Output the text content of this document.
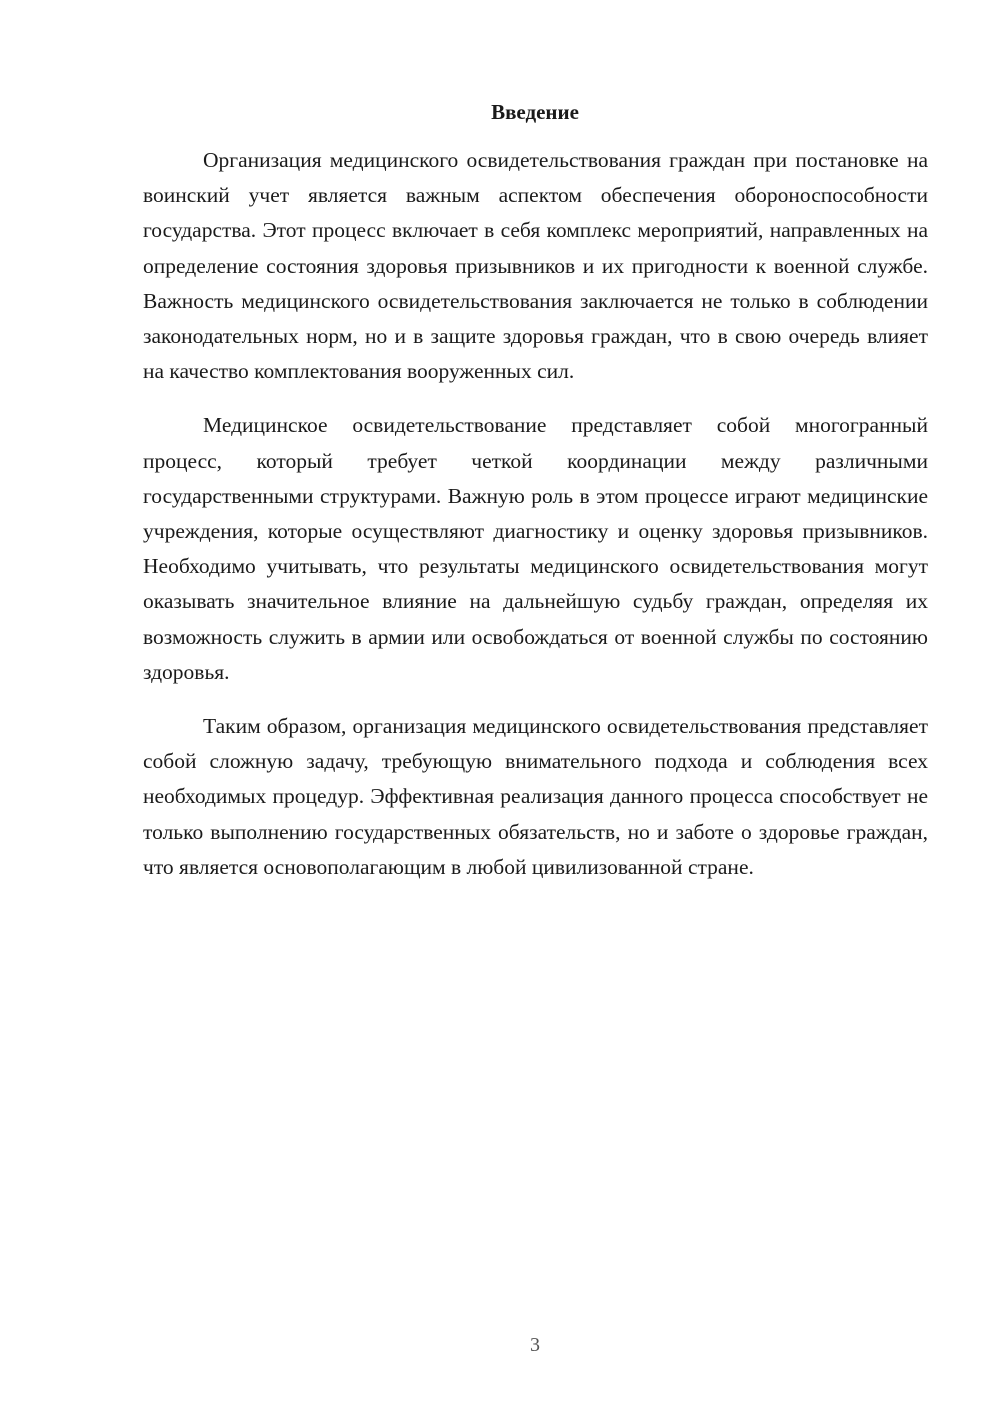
Введение

Организация медицинского освидетельствования граждан при постановке на воинский учет является важным аспектом обеспечения обороноспособности государства. Этот процесс включает в себя комплекс мероприятий, направленных на определение состояния здоровья призывников и их пригодности к военной службе. Важность медицинского освидетельствования заключается не только в соблюдении законодательных норм, но и в защите здоровья граждан, что в свою очередь влияет на качество комплектования вооруженных сил.

Медицинское освидетельствование представляет собой многогранный процесс, который требует четкой координации между различными государственными структурами. Важную роль в этом процессе играют медицинские учреждения, которые осуществляют диагностику и оценку здоровья призывников. Необходимо учитывать, что результаты медицинского освидетельствования могут оказывать значительное влияние на дальнейшую судьбу граждан, определяя их возможность служить в армии или освобождаться от военной службы по состоянию здоровья.

Таким образом, организация медицинского освидетельствования представляет собой сложную задачу, требующую внимательного подхода и соблюдения всех необходимых процедур. Эффективная реализация данного процесса способствует не только выполнению государственных обязательств, но и заботе о здоровье граждан, что является основополагающим в любой цивилизованной стране.

3
